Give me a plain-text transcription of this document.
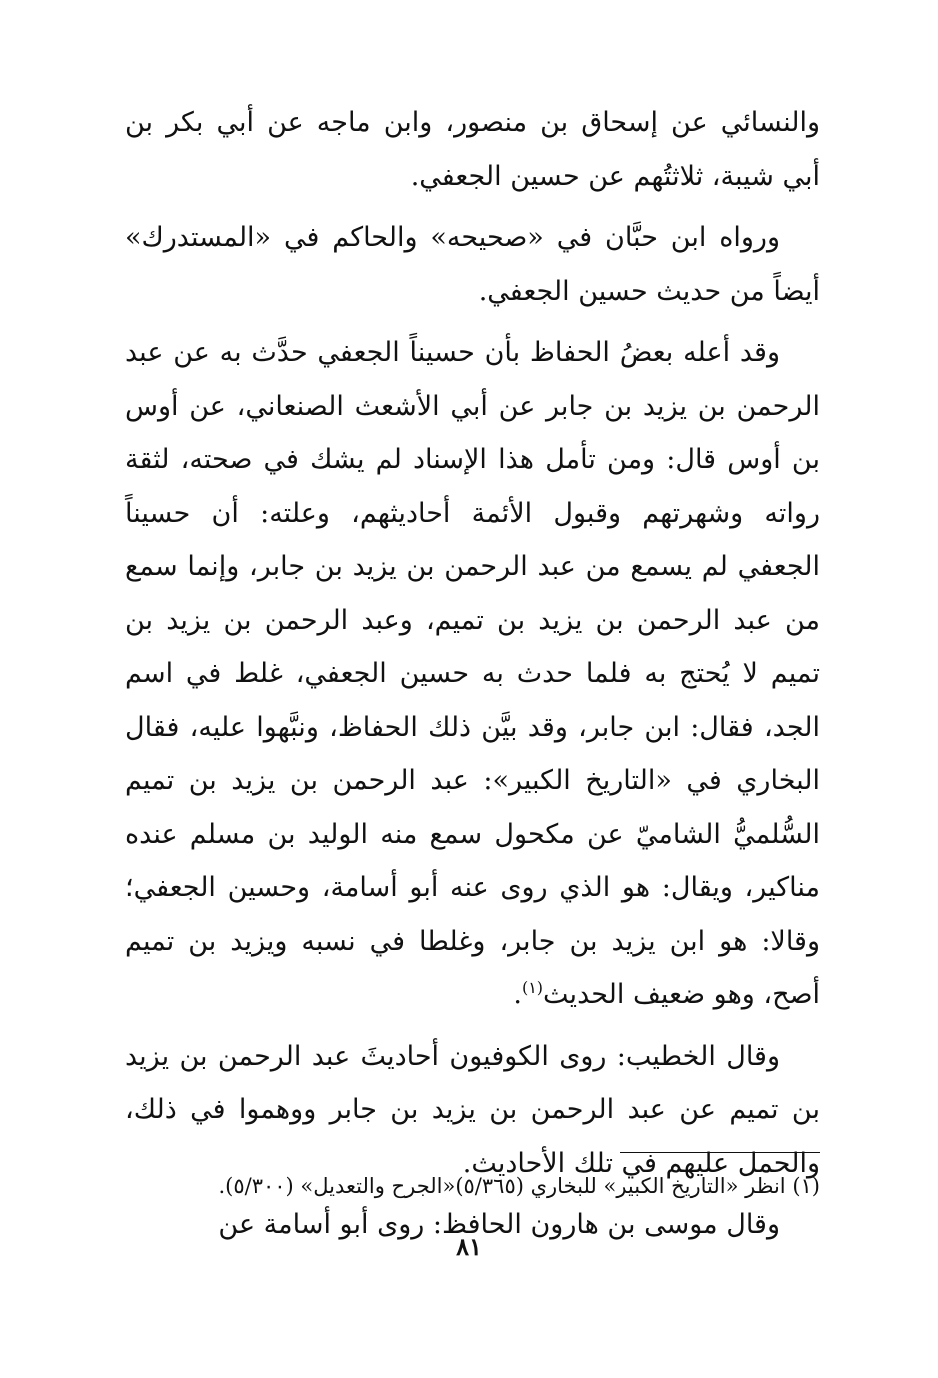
والنسائي عن إسحاق بن منصور، وابن ماجه عن أبي بكر بن أبي شيبة، ثلاثتُهم عن حسين الجعفي.

ورواه ابن حبَّان في «صحيحه» والحاكم في «المستدرك» أيضاً من حديث حسين الجعفي.

وقد أعله بعضُ الحفاظ بأن حسيناً الجعفي حدَّث به عن عبد الرحمن بن يزيد بن جابر عن أبي الأشعث الصنعاني، عن أوس بن أوس قال: ومن تأمل هذا الإسناد لم يشك في صحته، لثقة رواته وشهرتهم وقبول الأئمة أحاديثهم، وعلته: أن حسيناً الجعفي لم يسمع من عبد الرحمن بن يزيد بن جابر، وإنما سمع من عبد الرحمن بن يزيد بن تميم، وعبد الرحمن بن يزيد بن تميم لا يُحتج به فلما حدث به حسين الجعفي، غلط في اسم الجد، فقال: ابن جابر، وقد بيَّن ذلك الحفاظ، ونبَّهوا عليه، فقال البخاري في «التاريخ الكبير»: عبد الرحمن بن يزيد بن تميم السُّلميُّ الشاميّ عن مكحول سمع منه الوليد بن مسلم عنده مناكير، ويقال: هو الذي روى عنه أبو أسامة، وحسين الجعفي؛ وقالا: هو ابن يزيد بن جابر، وغلطا في نسبه ويزيد بن تميم أصح، وهو ضعيف الحديث$^{(١)}$.

وقال الخطيب: روى الكوفيون أحاديثَ عبد الرحمن بن يزيد بن تميم عن عبد الرحمن بن يزيد بن جابر ووهموا في ذلك، والحمل عليهم في تلك الأحاديث.

وقال موسى بن هارون الحافظ: روى أبو أسامة عن

(١) انظر «التاريخ الكبير» للبخاري (٥/٣٦٥)«الجرح والتعديل» (٥/٣٠٠).
٨١
